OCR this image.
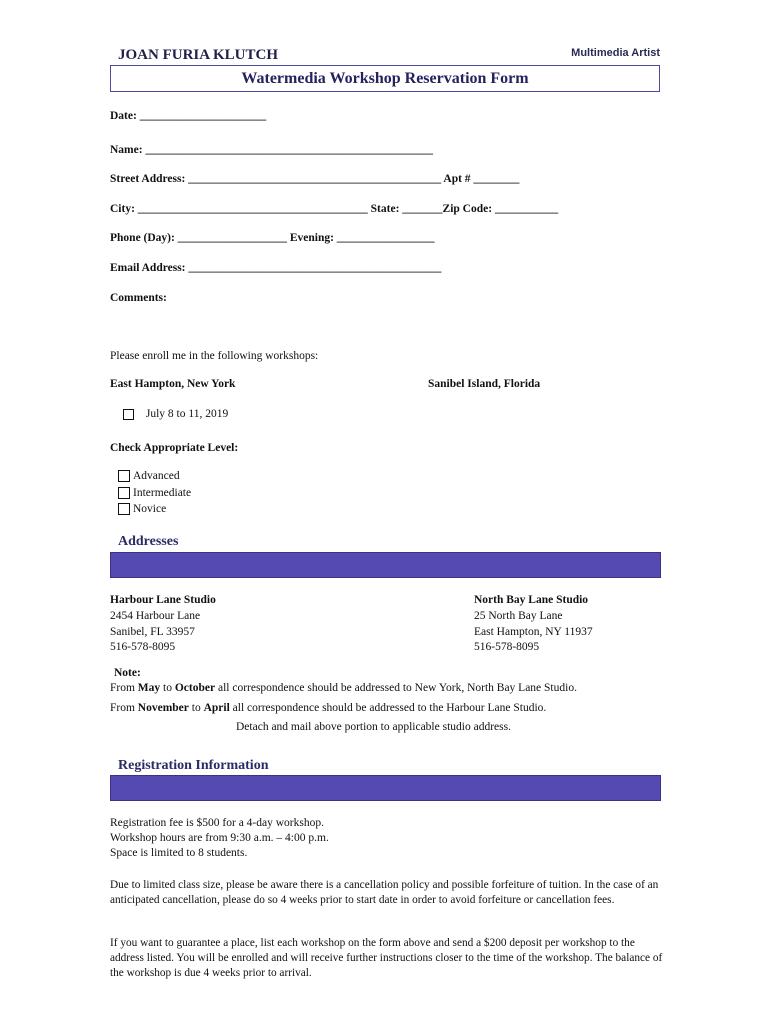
JOAN FURIA KLUTCH	Multimedia Artist
Watermedia Workshop Reservation Form
Date: ______________________
Name: __________________________________________________
Street Address: ____________________________________________ Apt # ________
City: ________________________________________ State: _______Zip Code: ___________
Phone (Day): ___________________ Evening: _________________
Email Address: ____________________________________________
Comments:
Please enroll me in the following workshops:
East Hampton, New York	Sanibel Island, Florida
July 8 to 11, 2019
Check Appropriate Level:
Advanced
Intermediate
Novice
Addresses
Harbour Lane Studio
2454 Harbour Lane
Sanibel, FL 33957
516-578-8095
North Bay Lane Studio
25 North Bay Lane
East Hampton, NY 11937
516-578-8095
Note:
From May to October all correspondence should be addressed to New York, North Bay Lane Studio.
From November to April all correspondence should be addressed to the Harbour Lane Studio.
Detach and mail above portion to applicable studio address.
Registration Information
Registration fee is $500 for a 4-day workshop.
Workshop hours are from 9:30 a.m. – 4:00 p.m.
Space is limited to 8 students.
Due to limited class size, please be aware there is a cancellation policy and possible forfeiture of tuition. In the case of an anticipated cancellation, please do so 4 weeks prior to start date in order to avoid forfeiture or cancellation fees.
If you want to guarantee a place, list each workshop on the form above and send a $200 deposit per workshop to the address listed. You will be enrolled and will receive further instructions closer to the time of the workshop. The balance of the workshop is due 4 weeks prior to arrival.
